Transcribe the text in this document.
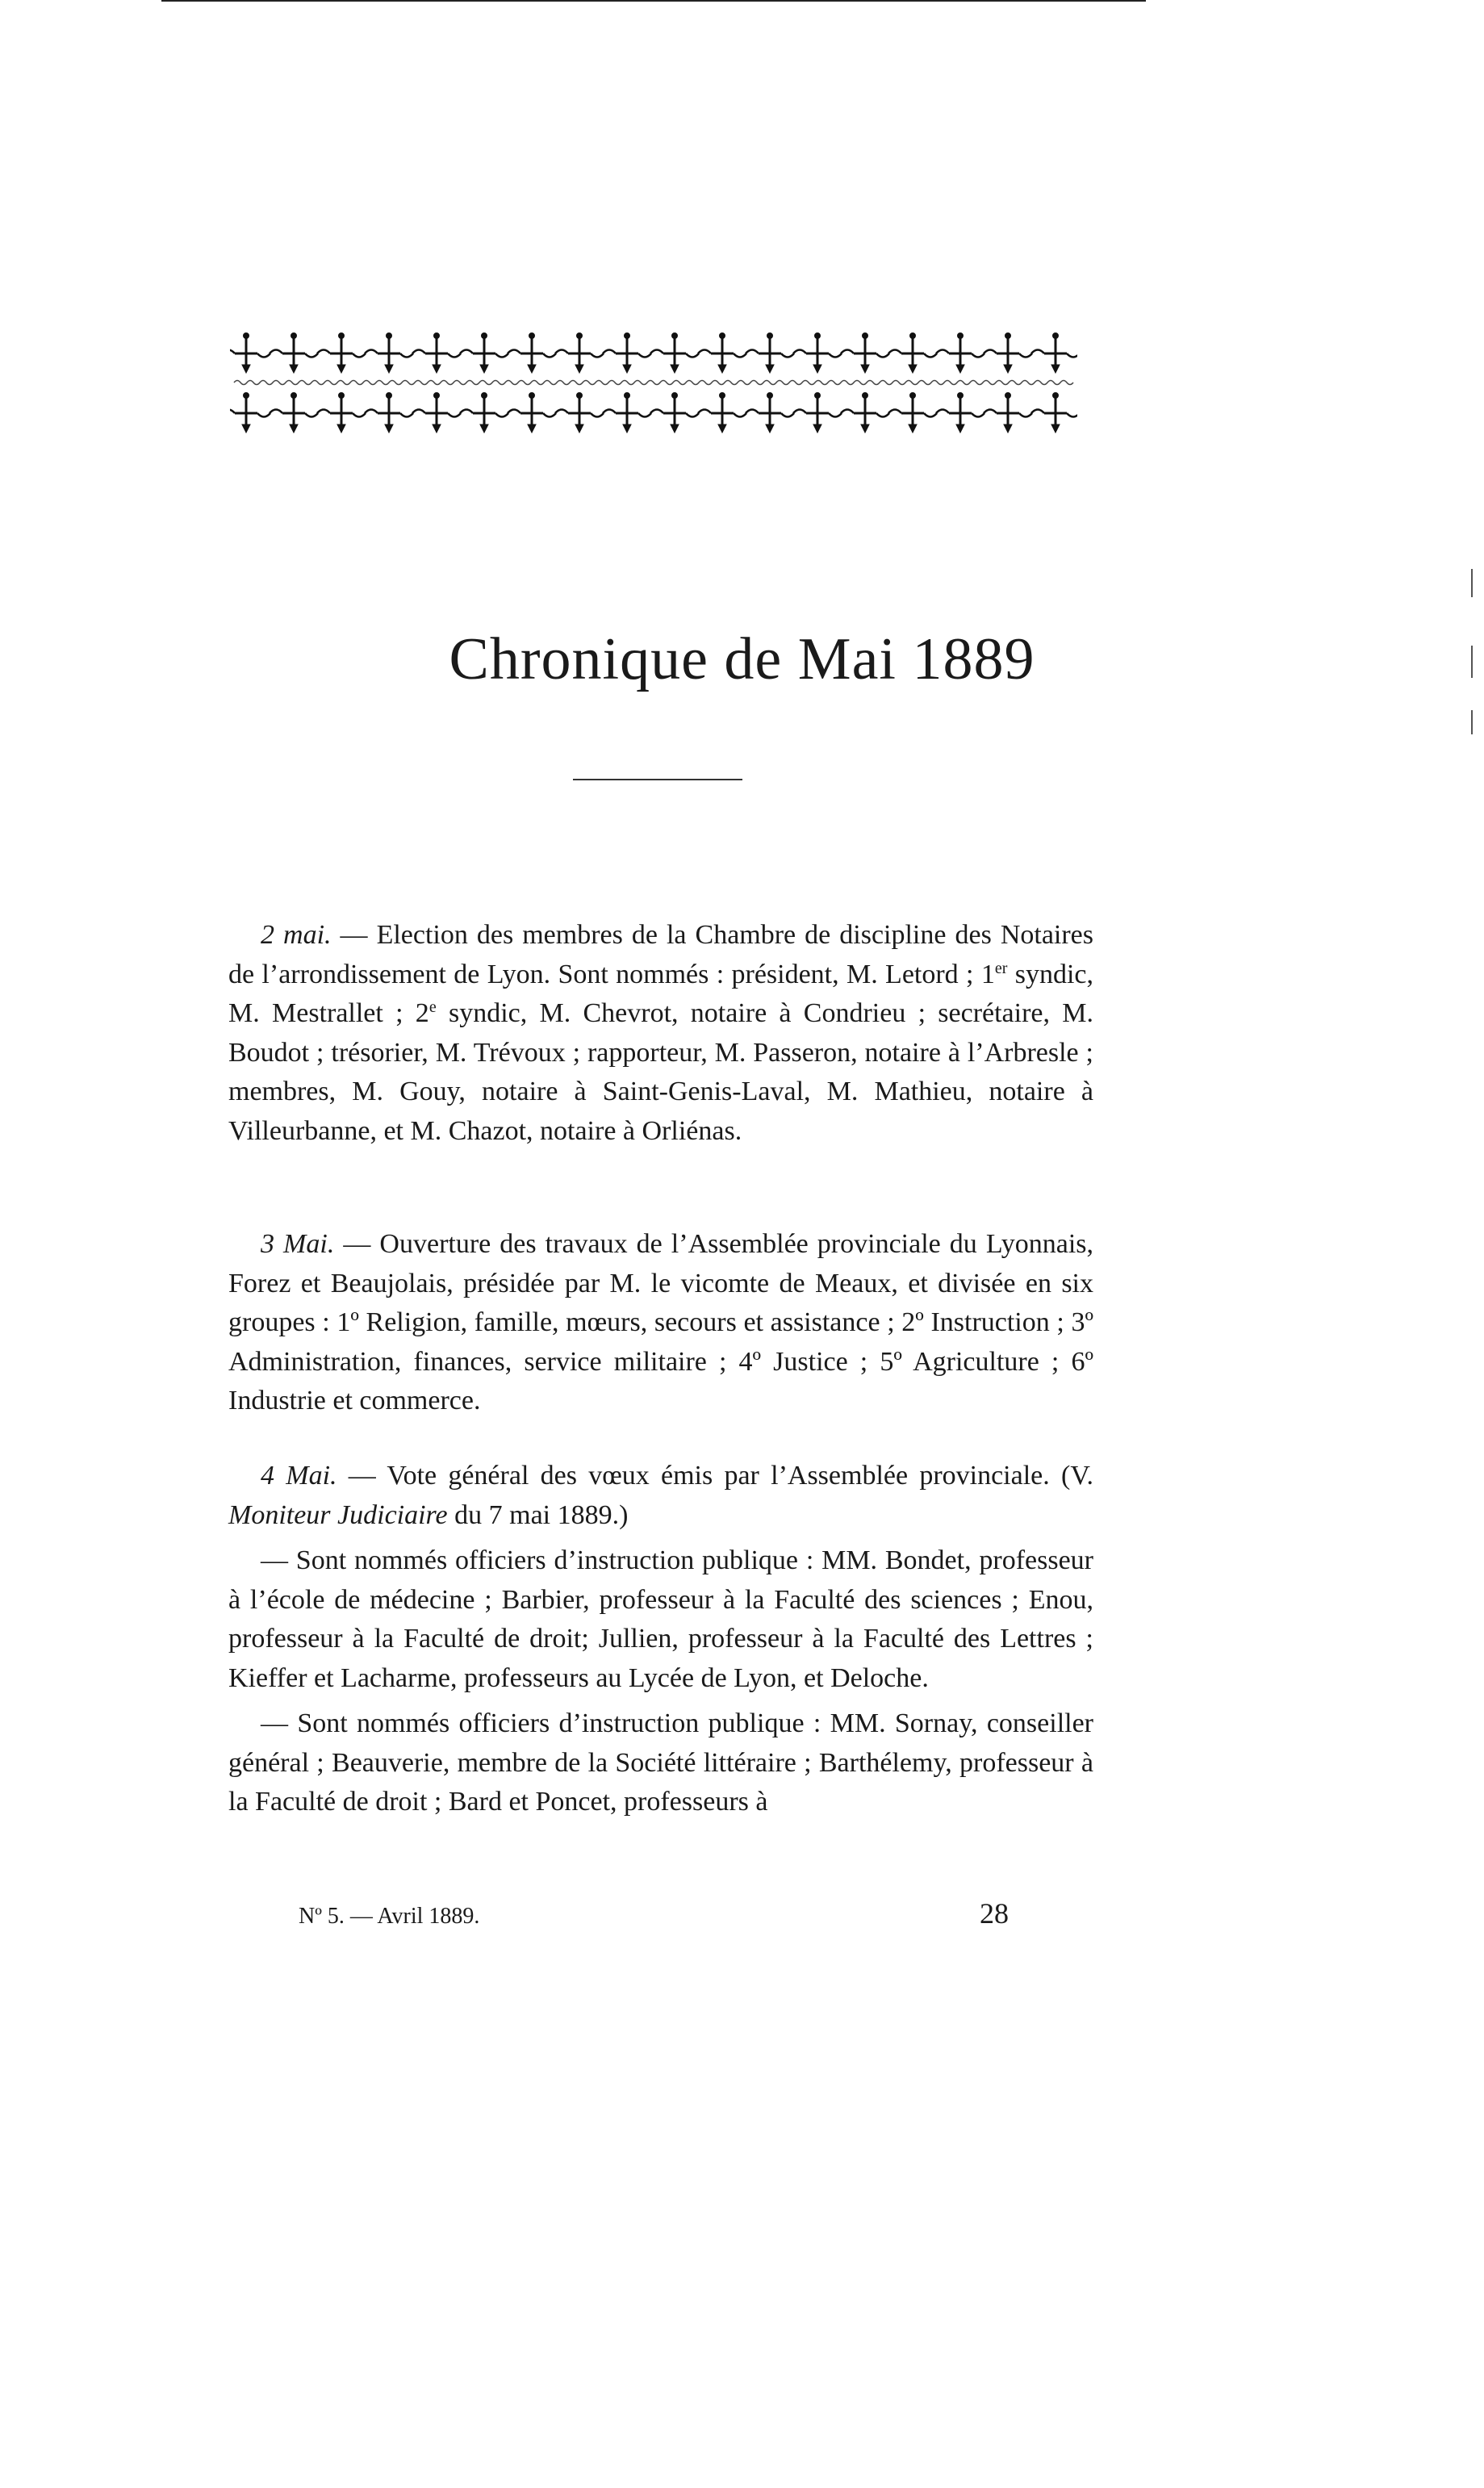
Chronique de Mai 1889

2 mai. — Election des membres de la Chambre de discipline des Notaires de l’arrondissement de Lyon. Sont nommés : président, M. Letord ; 1er syndic, M. Mestrallet ; 2e syndic, M. Chevrot, notaire à Condrieu ; secrétaire, M. Boudot ; trésorier, M. Trévoux ; rapporteur, M. Passeron, notaire à l’Arbresle ; membres, M. Gouy, notaire à Saint-Genis-Laval, M. Mathieu, notaire à Villeurbanne, et M. Chazot, notaire à Orliénas.

3 Mai. — Ouverture des travaux de l’Assemblée provinciale du Lyonnais, Forez et Beaujolais, présidée par M. le vicomte de Meaux, et divisée en six groupes : 1º Religion, famille, mœurs, secours et assistance ; 2º Instruction ; 3º Administration, finances, service militaire ; 4º Justice ; 5º Agriculture ; 6º Industrie et commerce.

4 Mai. — Vote général des vœux émis par l’Assemblée provinciale. (V. Moniteur Judiciaire du 7 mai 1889.)

— Sont nommés officiers d’instruction publique : MM. Bondet, professeur à l’école de médecine ; Barbier, professeur à la Faculté des sciences ; Enou, professeur à la Faculté de droit; Jullien, professeur à la Faculté des Lettres ; Kieffer et Lacharme, professeurs au Lycée de Lyon, et Deloche.

— Sont nommés officiers d’instruction publique : MM. Sornay, conseiller général ; Beauverie, membre de la Société littéraire ; Barthélemy, professeur à la Faculté de droit ; Bard et Poncet, professeurs à

Nº 5. — Avril 1889.	28
